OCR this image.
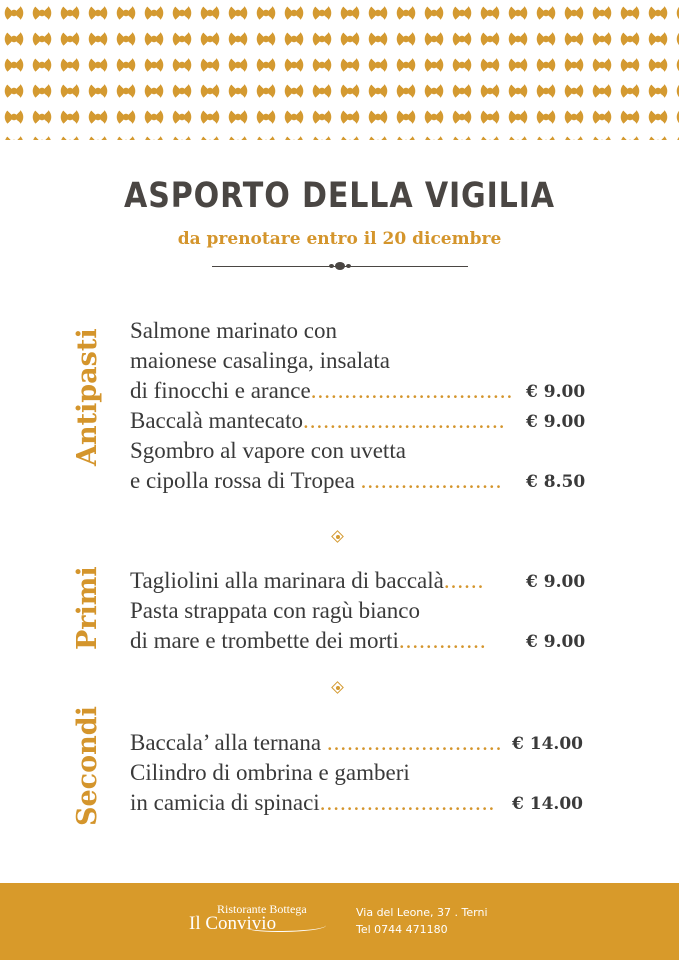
ASPORTO DELLA VIGILIA
da prenotare entro il 20 dicembre
Antipasti Salmone marinato con
maionese casalinga, insalata
di finocchi e arance.............................. € 9.00
Baccalà mantecato.............................. € 9.00
Sgombro al vapore con uvetta
e cipolla rossa di Tropea ..................... € 8.50
Primi Tagliolini alla marinara di baccalà...... € 9.00
Pasta strappata con ragù bianco
di mare e trombette dei morti............. € 9.00
Secondi Baccala’ alla ternana .......................... € 14.00
Cilindro di ombrina e gamberi
in camicia di spinaci.......................... € 14.00
Ristorante Bottega
Il Convivio
Via del Leone, 37 . Terni
Tel 0744 471180
